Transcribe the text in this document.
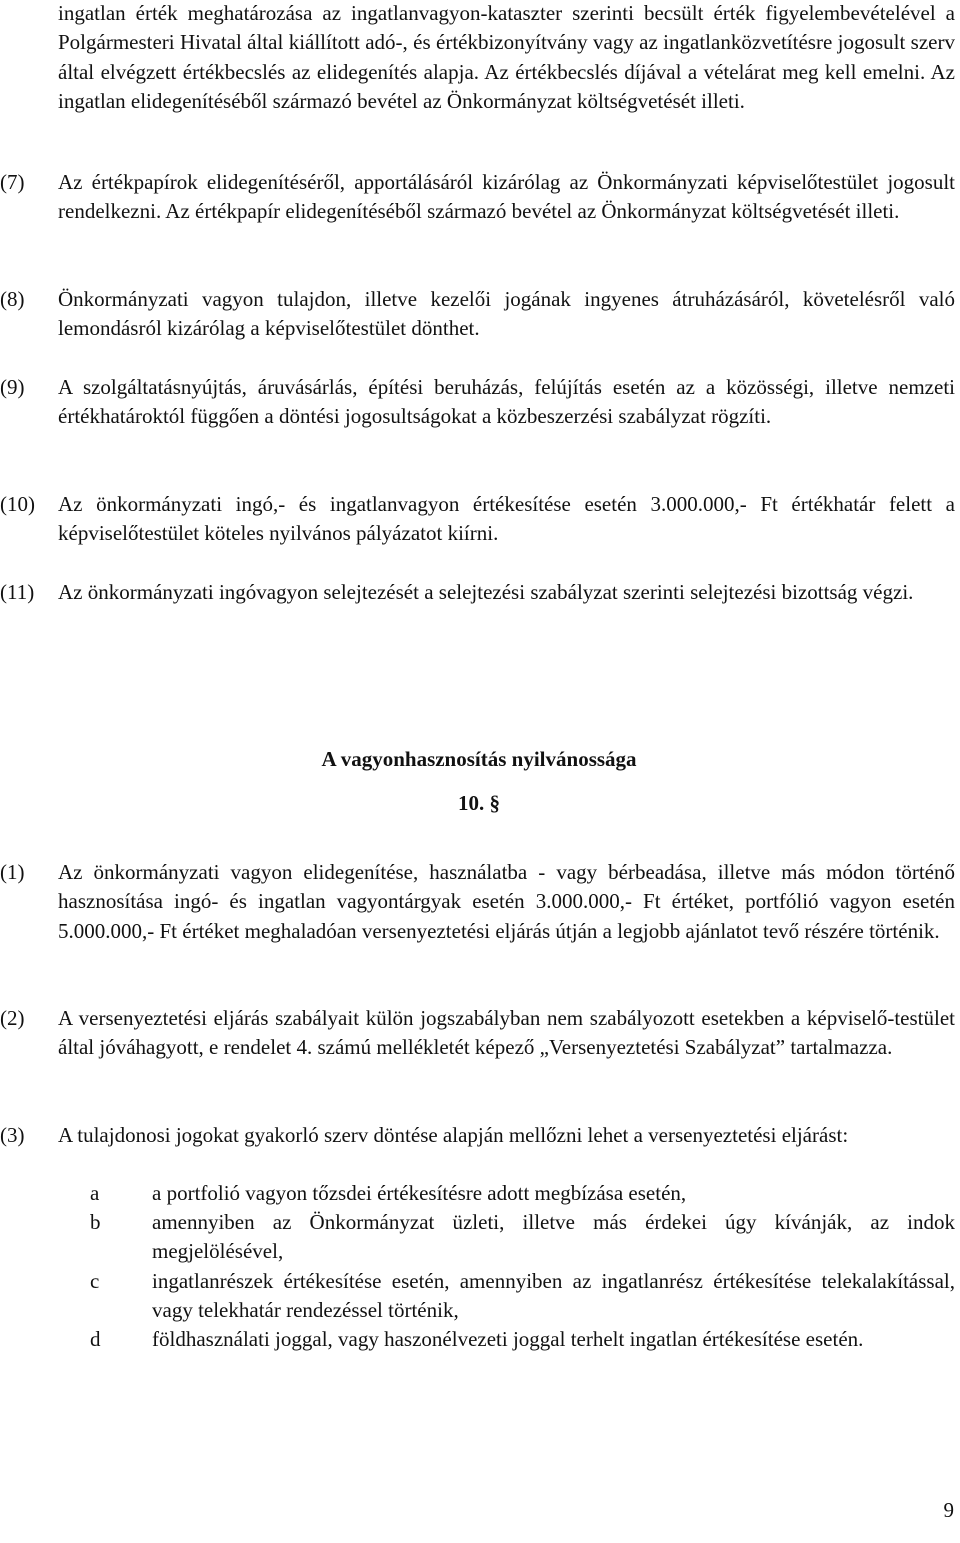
ingatlan érték meghatározása az ingatlanvagyon-kataszter szerinti becsült érték figyelembevételével a Polgármesteri Hivatal által kiállított adó-, és értékbizonyítvány vagy az ingatlanközvetítésre jogosult szerv által elvégzett értékbecslés az elidegenítés alapja. Az értékbecslés díjával a vételárat meg kell emelni. Az ingatlan elidegenítéséből származó bevétel az Önkormányzat költségvetését illeti.

(7) Az értékpapírok elidegenítéséről, apportálásáról kizárólag az Önkormányzati képviselőtestület jogosult rendelkezni. Az értékpapír elidegenítéséből származó bevétel az Önkormányzat költségvetését illeti.
(8) Önkormányzati vagyon tulajdon, illetve kezelői jogának ingyenes átruházásáról, követelésről való lemondásról kizárólag a képviselőtestület dönthet.
(9) A szolgáltatásnyújtás, áruvásárlás, építési beruházás, felújítás esetén az a közösségi, illetve nemzeti értékhatároktól függően a döntési jogosultságokat a közbeszerzési szabályzat rögzíti.
(10) Az önkormányzati ingó,- és ingatlanvagyon értékesítése esetén 3.000.000,- Ft értékhatár felett a képviselőtestület köteles nyilvános pályázatot kiírni.
(11) Az önkormányzati ingóvagyon selejtezését a selejtezési szabályzat szerinti selejtezési bizottság végzi.
A vagyonhasznosítás nyilvánossága
10. §
(1) Az önkormányzati vagyon elidegenítése, használatba - vagy bérbeadása, illetve más módon történő hasznosítása ingó- és ingatlan vagyontárgyak esetén 3.000.000,- Ft értéket, portfólió vagyon esetén 5.000.000,- Ft értéket meghaladóan versenyeztetési eljárás útján a legjobb ajánlatot tevő részére történik.
(2) A versenyeztetési eljárás szabályait külön jogszabályban nem szabályozott esetekben a képviselő-testület által jóváhagyott, e rendelet 4. számú mellékletét képező „Versenyeztetési Szabályzat” tartalmazza.
(3) A tulajdonosi jogokat gyakorló szerv döntése alapján mellőzni lehet a versenyeztetési eljárást:
a	a portfolió vagyon tőzsdei értékesítésre adott megbízása esetén,
b amennyiben az Önkormányzat üzleti, illetve más érdekei úgy kívánják, az indok megjelölésével,
c	ingatlanrészek értékesítése esetén, amennyiben az ingatlanrész értékesítése telekalakítással, vagy telekhatár rendezéssel történik,
d földhasználati joggal, vagy haszonélvezeti joggal terhelt ingatlan értékesítése esetén.
9
